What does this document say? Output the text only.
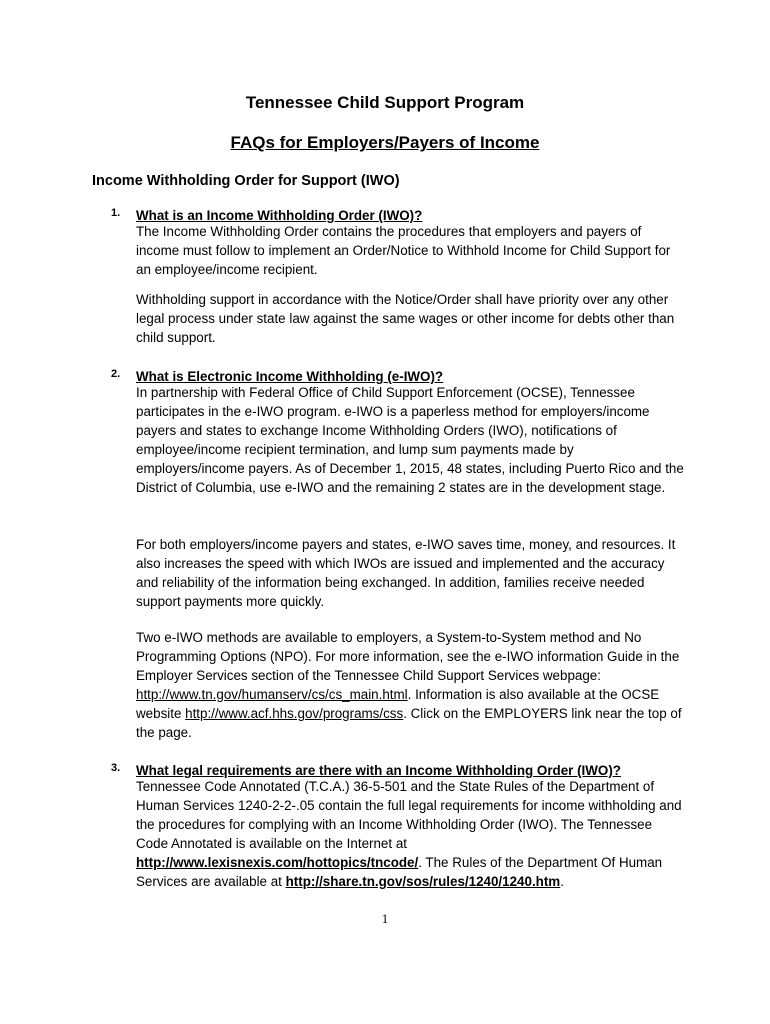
Tennessee Child Support Program
FAQs for Employers/Payers of Income
Income Withholding Order for Support (IWO)
1. What is an Income Withholding Order (IWO)?

The Income Withholding Order contains the procedures that employers and payers of income must follow to implement an Order/Notice to Withhold Income for Child Support for an employee/income recipient.

Withholding support in accordance with the Notice/Order shall have priority over any other legal process under state law against the same wages or other income for debts other than child support.

2. What is Electronic Income Withholding (e-IWO)?

In partnership with Federal Office of Child Support Enforcement (OCSE), Tennessee participates in the e-IWO program. e-IWO is a paperless method for employers/income payers and states to exchange Income Withholding Orders (IWO), notifications of employee/income recipient termination, and lump sum payments made by employers/income payers. As of December 1, 2015, 48 states, including Puerto Rico and the District of Columbia, use e-IWO and the remaining 2 states are in the development stage.

For both employers/income payers and states, e-IWO saves time, money, and resources. It also increases the speed with which IWOs are issued and implemented and the accuracy and reliability of the information being exchanged. In addition, families receive needed support payments more quickly.

Two e-IWO methods are available to employers, a System-to-System method and No Programming Options (NPO). For more information, see the e-IWO information Guide in the Employer Services section of the Tennessee Child Support Services webpage: http://www.tn.gov/humanserv/cs/cs_main.html. Information is also available at the OCSE website http://www.acf.hhs.gov/programs/css. Click on the EMPLOYERS link near the top of the page.

3. What legal requirements are there with an Income Withholding Order (IWO)?

Tennessee Code Annotated (T.C.A.) 36-5-501 and the State Rules of the Department of Human Services 1240-2-2-.05 contain the full legal requirements for income withholding and the procedures for complying with an Income Withholding Order (IWO). The Tennessee Code Annotated is available on the Internet at http://www.lexisnexis.com/hottopics/tncode/. The Rules of the Department Of Human Services are available at http://share.tn.gov/sos/rules/1240/1240.htm.

1
